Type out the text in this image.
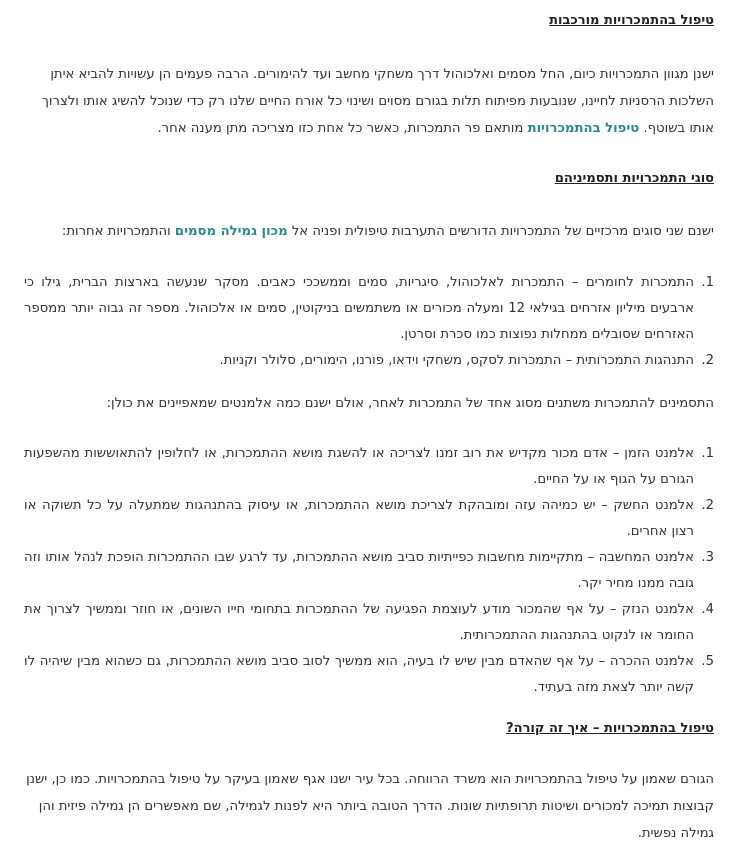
טיפול בהתמכרויות מורכבות

ישנן מגוון התמכרויות כיום, החל מסמים ואלכוהול דרך משחקי מחשב ועד להימורים. הרבה פעמים הן עשויות להביא איתן השלכות הרסניות לחיינו, שנובעות מפיתוח תלות בגורם מסוים ושינוי כל אורח החיים שלנו רק כדי שנוכל להשיג אותו ולצרוך אותו בשוטף. טיפול בהתמכרויות מותאם פר התמכרות, כאשר כל אחת כזו מצריכה מתן מענה אחר.

סוגי התמכרויות ותסמיניהם

ישנם שני סוגים מרכזיים של התמכרויות הדורשים התערבות טיפולית ופניה אל מכון גמילה מסמים והתמכרויות אחרות:

1.
התמכרות לחומרים – התמכרות לאלכוהול, סיגריות, סמים וממשככי כאבים. מסקר שנעשה בארצות הברית, גילו כי ארבעים מיליון אזרחים בגילאי 12 ומעלה מכורים או משתמשים בניקוטין, סמים או אלכוהול. מספר זה גבוה יותר ממספר האזרחים שסובלים ממחלות נפוצות כמו סכרת וסרטן.
2.
התנהגות התמכרותית – התמכרות לסקס, משחקי וידאו, פורנו, הימורים, סלולר וקניות.

התסמינים להתמכרות משתנים מסוג אחד של התמכרות לאחר, אולם ישנם כמה אלמנטים שמאפיינים את כולן:

1.
אלמנט הזמן – אדם מכור מקדיש את רוב זמנו לצריכה או להשגת מושא ההתמכרות, או לחלופין להתאוששות מהשפעות הגורם על הגוף או על החיים.
2.
אלמנט החשק – יש כמיהה עזה ומובהקת לצריכת מושא ההתמכרות, או עיסוק בהתנהגות שמתעלה על כל תשוקה או רצון אחרים.
3.
אלמנט המחשבה – מתקיימות מחשבות כפייתיות סביב מושא ההתמכרות, עד לרגע שבו ההתמכרות הופכת לנהל אותו וזה גובה ממנו מחיר יקר.
4.
אלמנט הנזק – על אף שהמכור מודע לעוצמת הפגיעה של ההתמכרות בתחומי חייו השונים, או חוזר וממשיך לצרוך את החומר או לנקוט בהתנהגות ההתמכרותית.
5.
אלמנט ההכרה – על אף שהאדם מבין שיש לו בעיה, הוא ממשיך לסוב סביב מושא ההתמכרות, גם כשהוא מבין שיהיה לו קשה יותר לצאת מזה בעתיד.
טיפול בהתמכרויות – איך זה קורה?

הגורם שאמון על טיפול בהתמכרויות הוא משרד הרווחה. בכל עיר ישנו אגף שאמון בעיקר על טיפול בהתמכרויות. כמו כן, ישנן קבוצות תמיכה למכורים ושיטות תרופתיות שונות. הדרך הטובה ביותר היא לפנות לגמילה, שם מאפשרים הן גמילה פיזית והן גמילה נפשית.
